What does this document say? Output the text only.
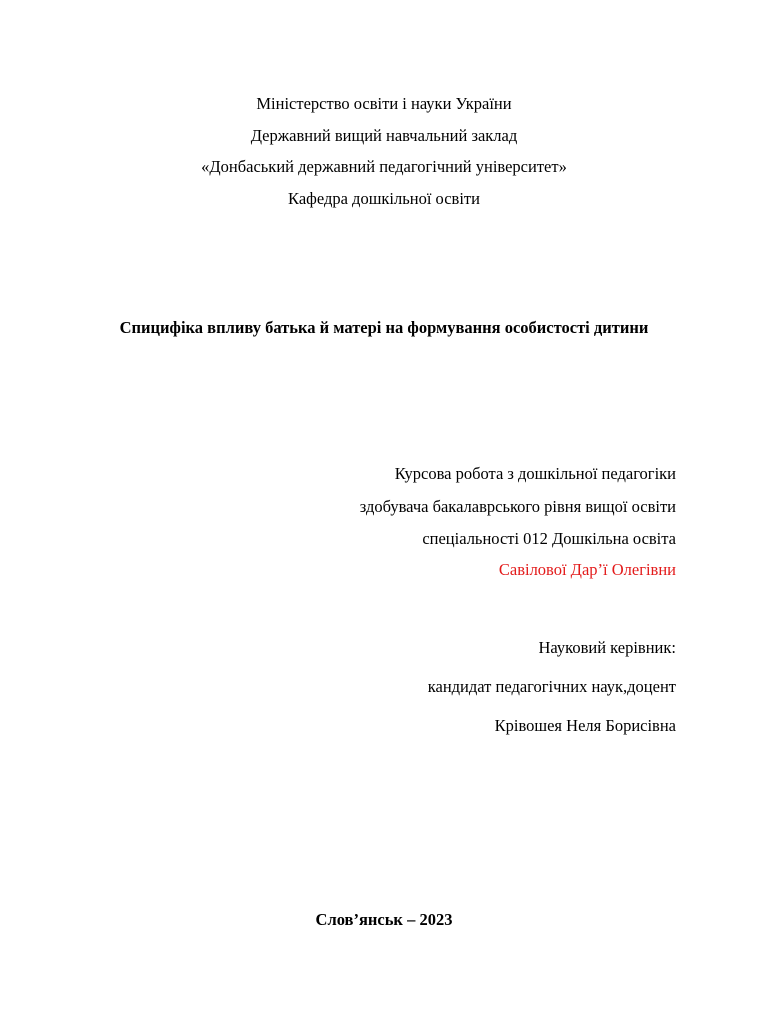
Міністерство освіти і науки України
Державний вищий навчальний заклад
«Донбаський державний педагогічний університет»
Кафедра дошкільної освіти
Спицифіка впливу батька й матері на формування особистості дитини
Курсова робота з дошкільної педагогіки
здобувача бакалаврського рівня вищої освіти
спеціальності 012 Дошкільна освіта
Савілової Дар’ї Олегівни
Науковий керівник:
кандидат педагогічних наук,доцент
Крівошея Неля Борисівна
Слов’янськ – 2023
